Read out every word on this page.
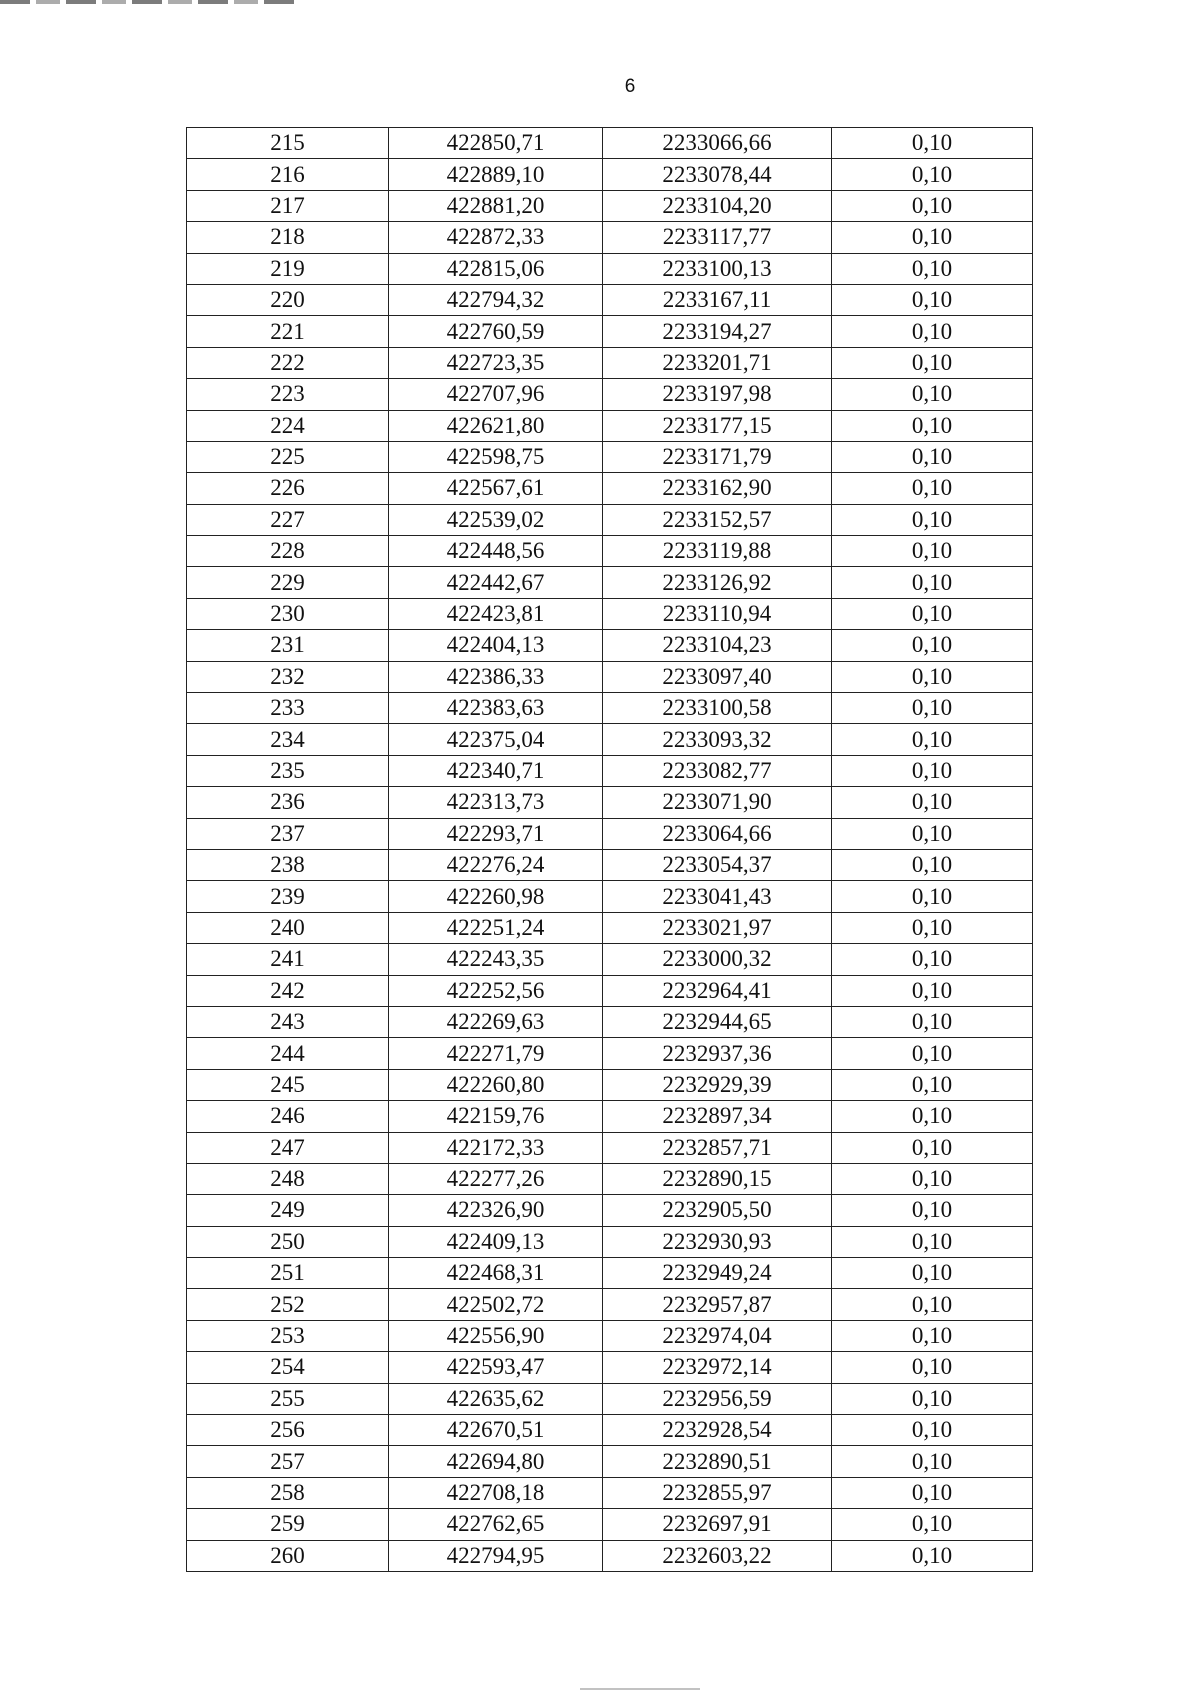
6
215	422850,71	2233066,66	0,10
216	422889,10	2233078,44	0,10
217	422881,20	2233104,20	0,10
218	422872,33	2233117,77	0,10
219	422815,06	2233100,13	0,10
220	422794,32	2233167,11	0,10
221	422760,59	2233194,27	0,10
222	422723,35	2233201,71	0,10
223	422707,96	2233197,98	0,10
224	422621,80	2233177,15	0,10
225	422598,75	2233171,79	0,10
226	422567,61	2233162,90	0,10
227	422539,02	2233152,57	0,10
228	422448,56	2233119,88	0,10
229	422442,67	2233126,92	0,10
230	422423,81	2233110,94	0,10
231	422404,13	2233104,23	0,10
232	422386,33	2233097,40	0,10
233	422383,63	2233100,58	0,10
234	422375,04	2233093,32	0,10
235	422340,71	2233082,77	0,10
236	422313,73	2233071,90	0,10
237	422293,71	2233064,66	0,10
238	422276,24	2233054,37	0,10
239	422260,98	2233041,43	0,10
240	422251,24	2233021,97	0,10
241	422243,35	2233000,32	0,10
242	422252,56	2232964,41	0,10
243	422269,63	2232944,65	0,10
244	422271,79	2232937,36	0,10
245	422260,80	2232929,39	0,10
246	422159,76	2232897,34	0,10
247	422172,33	2232857,71	0,10
248	422277,26	2232890,15	0,10
249	422326,90	2232905,50	0,10
250	422409,13	2232930,93	0,10
251	422468,31	2232949,24	0,10
252	422502,72	2232957,87	0,10
253	422556,90	2232974,04	0,10
254	422593,47	2232972,14	0,10
255	422635,62	2232956,59	0,10
256	422670,51	2232928,54	0,10
257	422694,80	2232890,51	0,10
258	422708,18	2232855,97	0,10
259	422762,65	2232697,91	0,10
260	422794,95	2232603,22	0,10
